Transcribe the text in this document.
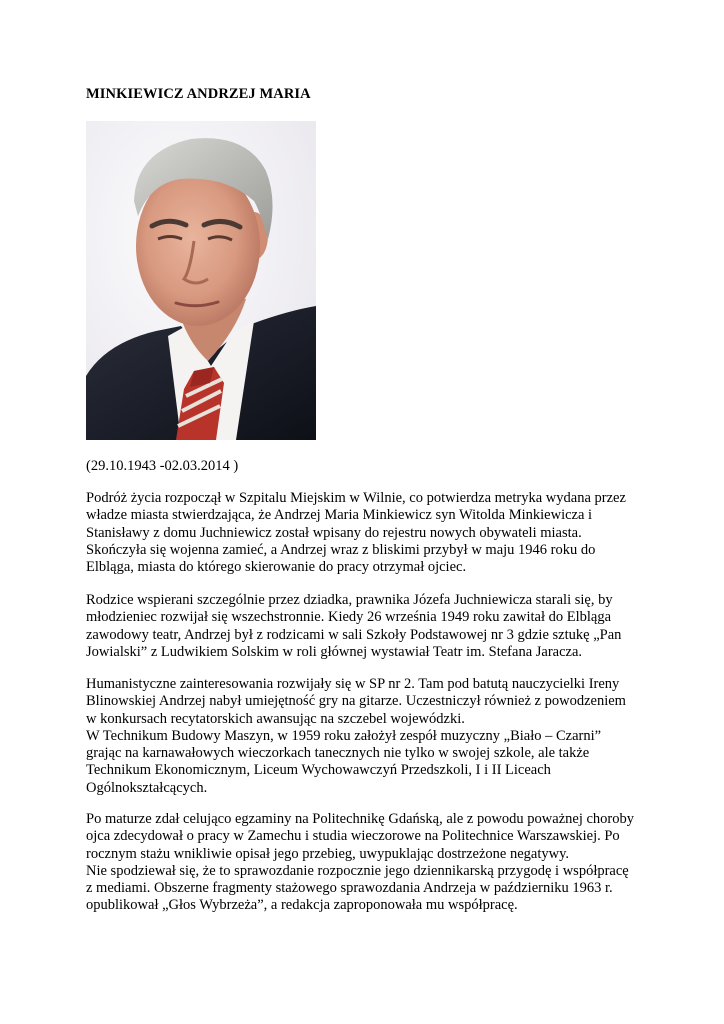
MINKIEWICZ ANDRZEJ MARIA
(29.10.1943 -02.03.2014 )
Podróż życia rozpoczął w Szpitalu Miejskim w Wilnie, co potwierdza metryka wydana przez
władze miasta stwierdzająca, że Andrzej Maria Minkiewicz syn Witolda Minkiewicza i
Stanisławy z domu Juchniewicz został wpisany do rejestru nowych obywateli miasta.
Skończyła się wojenna zamieć, a Andrzej wraz z bliskimi przybył w maju 1946 roku do
Elbląga, miasta do którego skierowanie do pracy otrzymał ojciec.
Rodzice wspierani szczególnie przez dziadka, prawnika Józefa Juchniewicza starali się, by
młodzieniec rozwijał się wszechstronnie. Kiedy 26 września 1949 roku zawitał do Elbląga
zawodowy teatr, Andrzej był z rodzicami w sali Szkoły Podstawowej nr 3 gdzie sztukę „Pan
Jowialski” z Ludwikiem Solskim w roli głównej wystawiał Teatr im. Stefana Jaracza.
Humanistyczne zainteresowania rozwijały się w SP nr 2. Tam pod batutą nauczycielki Ireny
Blinowskiej Andrzej nabył umiejętność gry na gitarze. Uczestniczył również z powodzeniem
w konkursach recytatorskich awansując na szczebel wojewódzki.
W Technikum Budowy Maszyn, w 1959 roku założył zespół muzyczny „Biało – Czarni”
grając na karnawałowych wieczorkach tanecznych nie tylko w swojej szkole, ale także
Technikum Ekonomicznym, Liceum Wychowawczyń Przedszkoli, I i II Liceach
Ogólnokształcących.
Po maturze zdał celująco egzaminy na Politechnikę Gdańską, ale z powodu poważnej choroby
ojca zdecydował o pracy w Zamechu i studia wieczorowe na Politechnice Warszawskiej. Po
rocznym stażu wnikliwie opisał jego przebieg, uwypuklając dostrzeżone negatywy.
Nie spodziewał się, że to sprawozdanie rozpocznie jego dziennikarską przygodę i współpracę
z mediami. Obszerne fragmenty stażowego sprawozdania Andrzeja w październiku 1963 r.
opublikował „Głos Wybrzeża”, a redakcja zaproponowała mu współpracę.
